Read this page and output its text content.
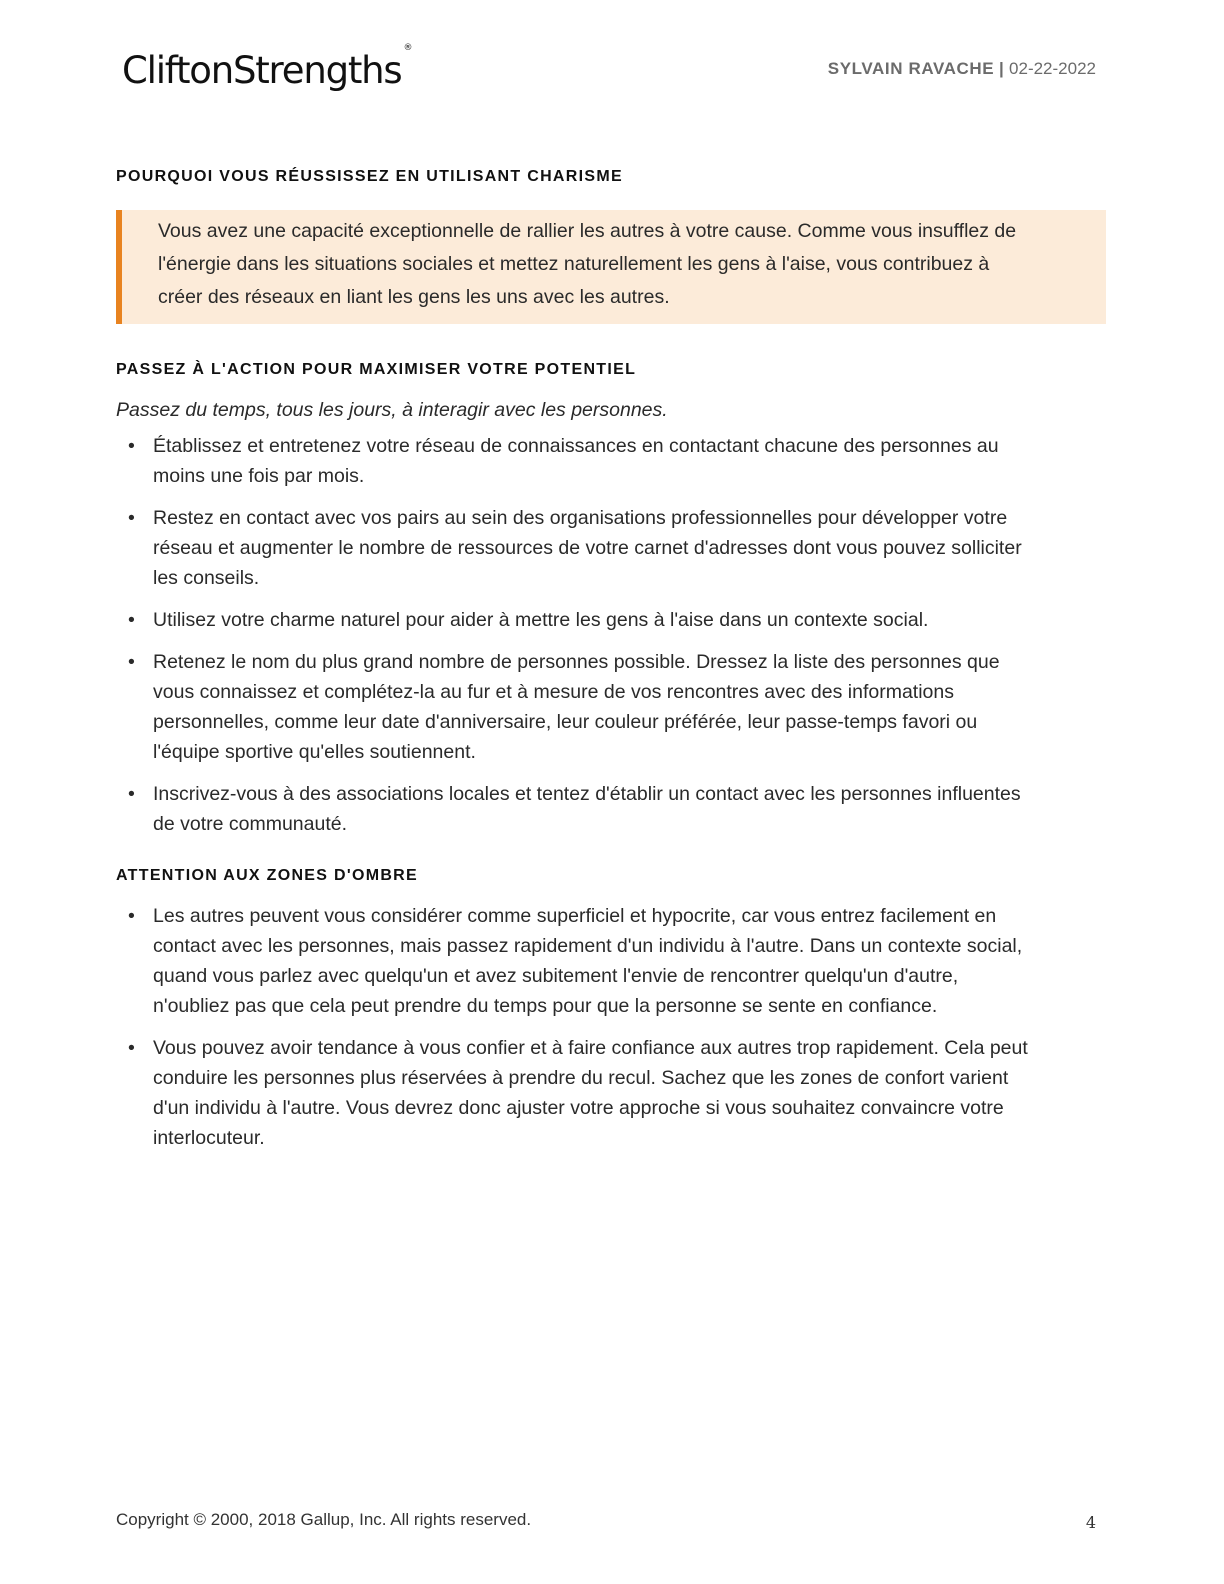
CliftonStrengths®
SYLVAIN RAVACHE | 02-22-2022
POURQUOI VOUS RÉUSSISSEZ EN UTILISANT CHARISME
Vous avez une capacité exceptionnelle de rallier les autres à votre cause. Comme vous insufflez de l'énergie dans les situations sociales et mettez naturellement les gens à l'aise, vous contribuez à créer des réseaux en liant les gens les uns avec les autres.
PASSEZ À L'ACTION POUR MAXIMISER VOTRE POTENTIEL

Passez du temps, tous les jours, à interagir avec les personnes.

• Établissez et entretenez votre réseau de connaissances en contactant chacune des personnes au moins une fois par mois.
• Restez en contact avec vos pairs au sein des organisations professionnelles pour développer votre réseau et augmenter le nombre de ressources de votre carnet d'adresses dont vous pouvez solliciter les conseils.
• Utilisez votre charme naturel pour aider à mettre les gens à l'aise dans un contexte social.
• Retenez le nom du plus grand nombre de personnes possible. Dressez la liste des personnes que vous connaissez et complétez-la au fur et à mesure de vos rencontres avec des informations personnelles, comme leur date d'anniversaire, leur couleur préférée, leur passe-temps favori ou l'équipe sportive qu'elles soutiennent.
• Inscrivez-vous à des associations locales et tentez d'établir un contact avec les personnes influentes de votre communauté.
ATTENTION AUX ZONES D'OMBRE
• Les autres peuvent vous considérer comme superficiel et hypocrite, car vous entrez facilement en contact avec les personnes, mais passez rapidement d'un individu à l'autre. Dans un contexte social, quand vous parlez avec quelqu'un et avez subitement l'envie de rencontrer quelqu'un d'autre, n'oubliez pas que cela peut prendre du temps pour que la personne se sente en confiance.
• Vous pouvez avoir tendance à vous confier et à faire confiance aux autres trop rapidement. Cela peut conduire les personnes plus réservées à prendre du recul. Sachez que les zones de confort varient d'un individu à l'autre. Vous devrez donc ajuster votre approche si vous souhaitez convaincre votre interlocuteur.
Copyright © 2000, 2018 Gallup, Inc. All rights reserved.	4
